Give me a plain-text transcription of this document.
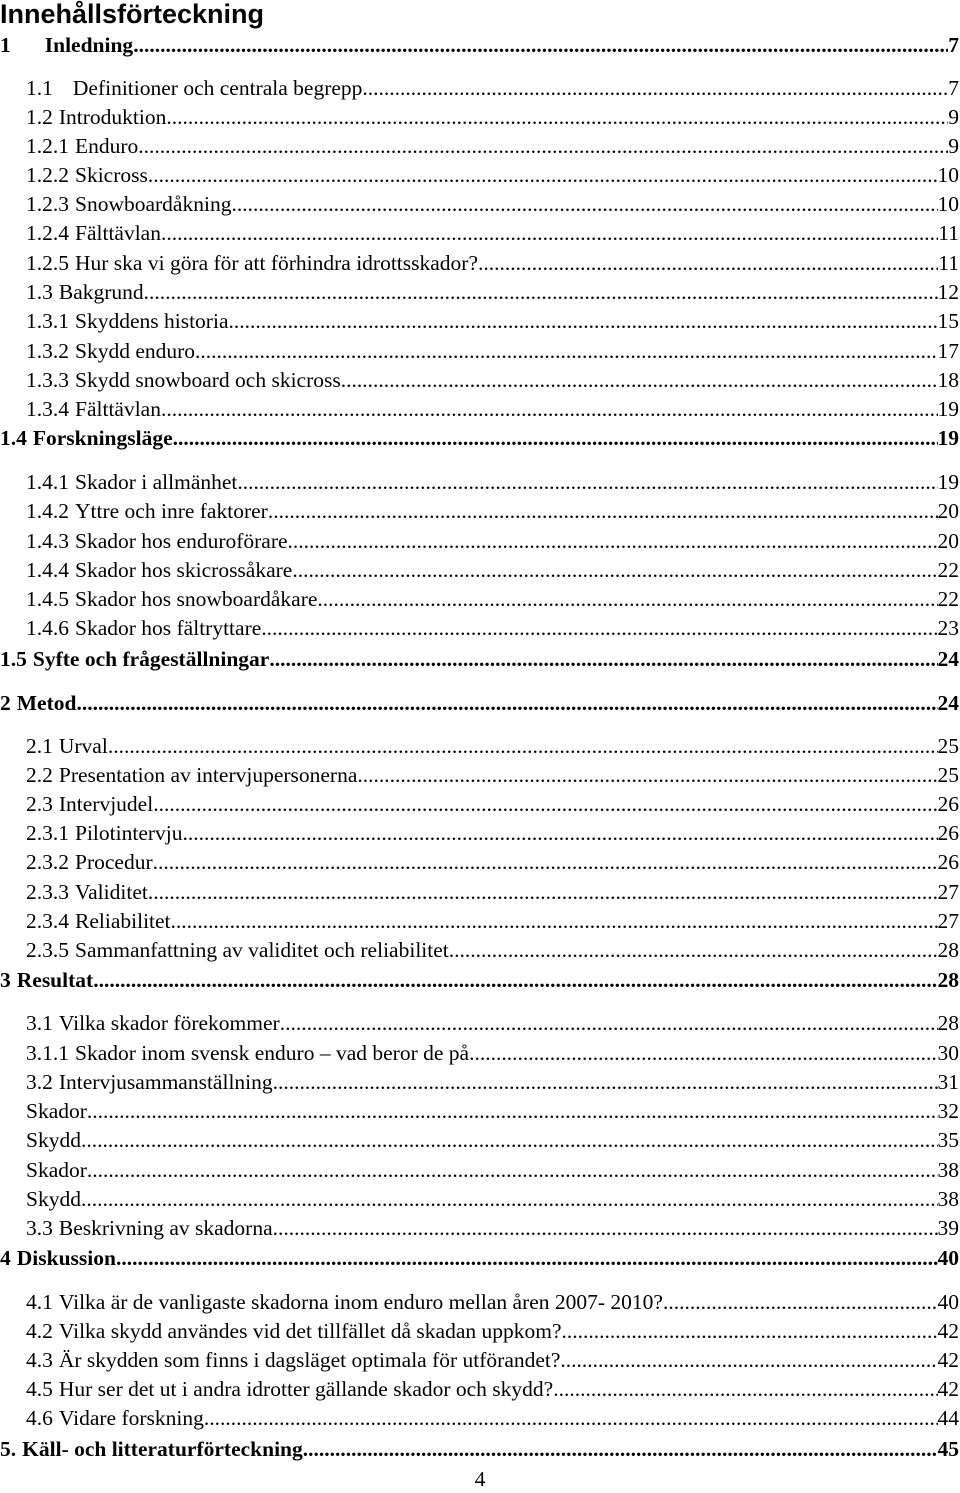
Innehållsförteckning
1 Inledning .....	7
1.1 Definitioner och centrala begrepp .....	7
1.2 Introduktion .....	9
1.2.1 Enduro .....	9
1.2.2 Skicross .....	10
1.2.3 Snowboardåkning .....	10
1.2.4 Fälttävlan .....	11
1.2.5 Hur ska vi göra för att förhindra idrottsskador? .....	11
1.3 Bakgrund .....	12
1.3.1 Skyddens historia .....	15
1.3.2 Skydd enduro .....	17
1.3.3 Skydd snowboard och skicross .....	18
1.3.4 Fälttävlan .....	19
1.4 Forskningsläge .....	19
1.4.1 Skador i allmänhet .....	19
1.4.2 Yttre och inre faktorer .....	20
1.4.3 Skador hos enduroförare .....	20
1.4.4 Skador hos skicrossåkare .....	22
1.4.5 Skador hos snowboardåkare .....	22
1.4.6 Skador hos fältryttare .....	23
1.5 Syfte och frågeställningar .....	24
2 Metod .....	24
2.1 Urval .....	25
2.2 Presentation av intervjupersonerna .....	25
2.3 Intervjudel .....	26
2.3.1 Pilotintervju .....	26
2.3.2 Procedur .....	26
2.3.3 Validitet .....	27
2.3.4 Reliabilitet .....	27
2.3.5 Sammanfattning av validitet och reliabilitet .....	28
3 Resultat .....	28
3.1 Vilka skador förekommer .....	28
3.1.1 Skador inom svensk enduro – vad beror de på .....	30
3.2 Intervjusammanställning .....	31
Skador .....	32
Skydd .....	35
Skador .....	38
Skydd .....	38
3.3 Beskrivning av skadorna .....	39
4 Diskussion .....	40
4.1 Vilka är de vanligaste skadorna inom enduro mellan åren 2007- 2010? .....	40
4.2 Vilka skydd användes vid det tillfället då skadan uppkom? .....	42
4.3 Är skydden som finns i dagsläget optimala för utförandet? .....	42
4.5 Hur ser det ut i andra idrotter gällande skador och skydd? .....	42
4.6 Vidare forskning .....	44
5. Käll- och litteraturförteckning .....	45
4
